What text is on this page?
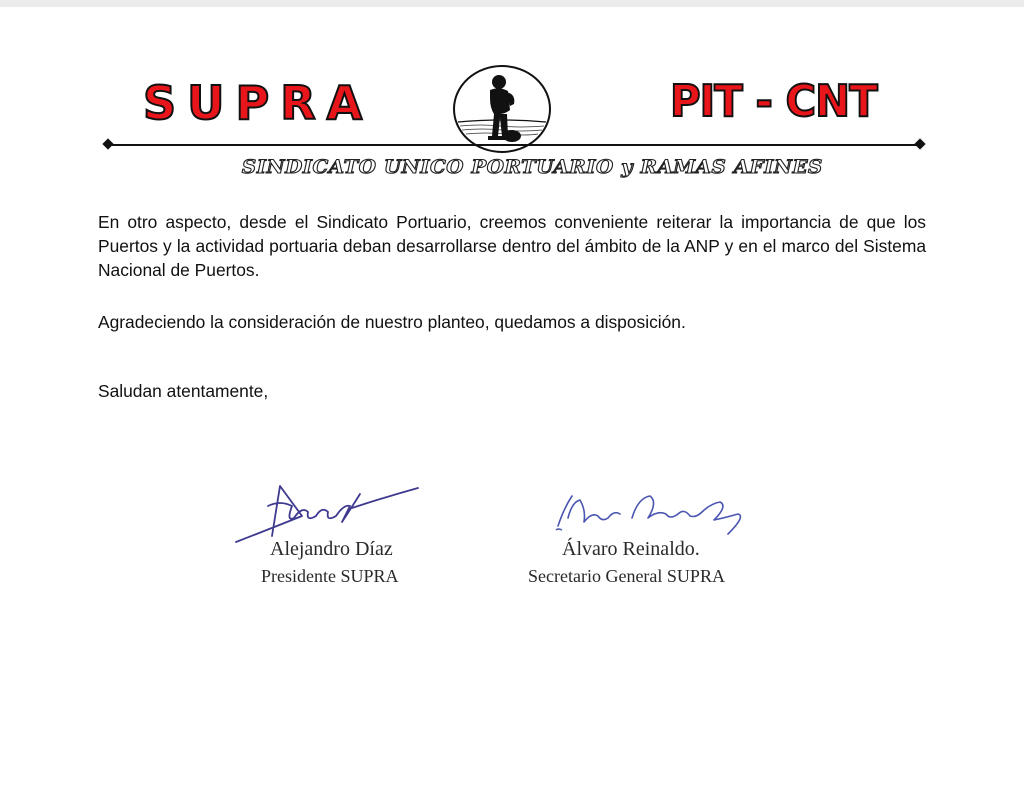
SUPRA	PIT - CNT
SINDICATO UNICO PORTUARIO y RAMAS AFINES

En otro aspecto, desde el Sindicato Portuario, creemos conveniente reiterar la importancia de que los Puertos y la actividad portuaria deban desarrollarse dentro del ámbito de la ANP y en el marco del Sistema Nacional de Puertos.

Agradeciendo la consideración de nuestro planteo, quedamos a disposición.

Saludan atentamente,

Alejandro Díaz
Presidente SUPRA
Álvaro Reinaldo.
Secretario General SUPRA
